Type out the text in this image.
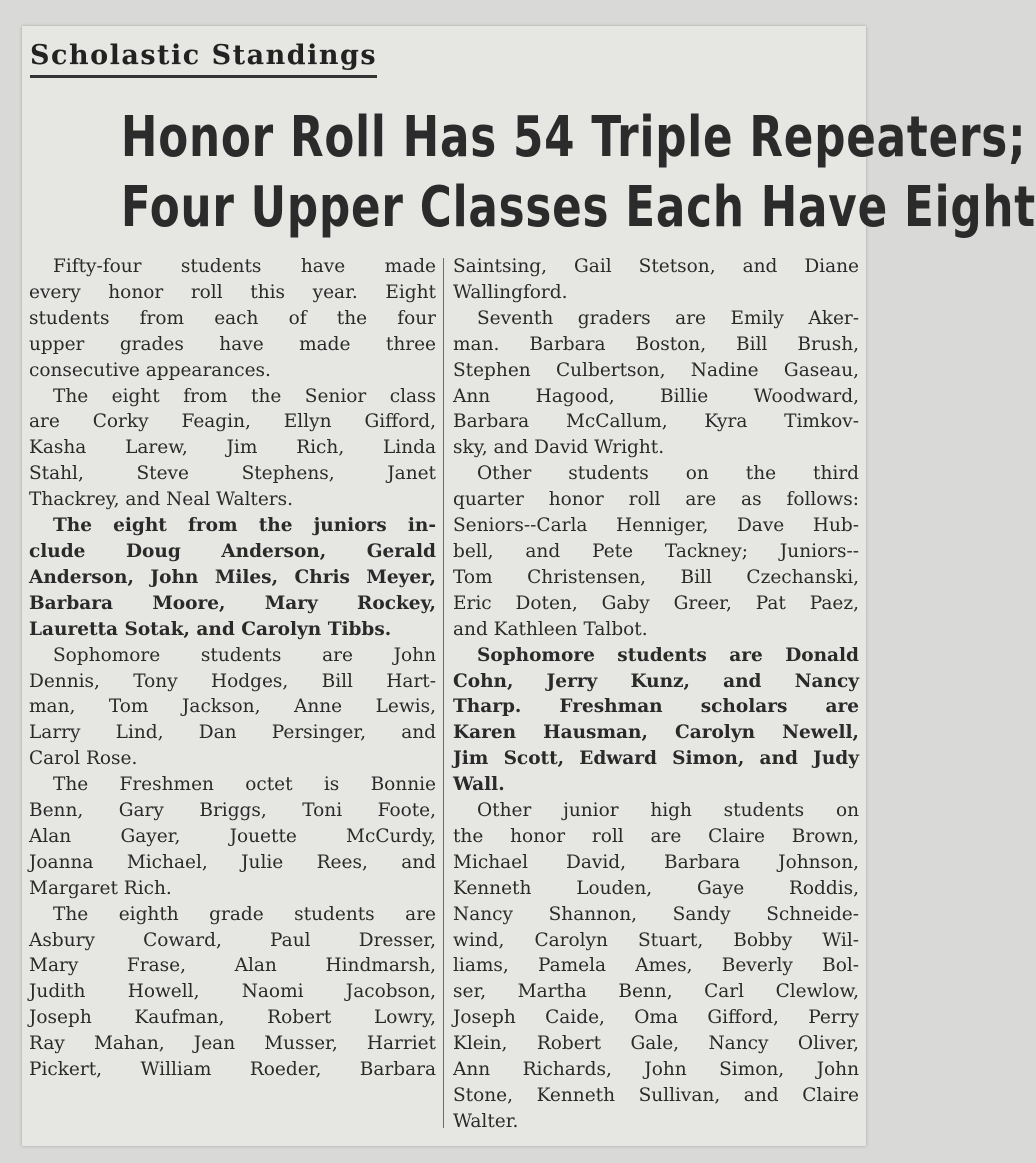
Scholastic Standings
Honor Roll Has 54 Triple Repeaters;
Four Upper Classes Each Have Eight

Fifty-four students have made
every honor roll this year. Eight
students from each of the four
upper grades have made three
consecutive appearances.

The eight from the Senior class
are Corky Feagin, Ellyn Gifford,
Kasha Larew, Jim Rich, Linda
Stahl, Steve Stephens, Janet
Thackrey, and Neal Walters.

The eight from the juniors in-
clude Doug Anderson, Gerald
Anderson, John Miles, Chris Meyer,
Barbara Moore, Mary Rockey,
Lauretta Sotak, and Carolyn Tibbs.

Sophomore students are John
Dennis, Tony Hodges, Bill Hart-
man, Tom Jackson, Anne Lewis,
Larry Lind, Dan Persinger, and
Carol Rose.

The Freshmen octet is Bonnie
Benn, Gary Briggs, Toni Foote,
Alan Gayer, Jouette McCurdy,
Joanna Michael, Julie Rees, and
Margaret Rich.

The eighth grade students are
Asbury Coward, Paul Dresser,
Mary Frase, Alan Hindmarsh,
Judith Howell, Naomi Jacobson,
Joseph Kaufman, Robert Lowry,
Ray Mahan, Jean Musser, Harriet
Pickert, William Roeder, Barbara

Saintsing, Gail Stetson, and Diane
Wallingford.

Seventh graders are Emily Aker-
man. Barbara Boston, Bill Brush,
Stephen Culbertson, Nadine Gaseau,
Ann Hagood, Billie Woodward,
Barbara McCallum, Kyra Timkov-
sky, and David Wright.

Other students on the third
quarter honor roll are as follows:
Seniors--Carla Henniger, Dave Hub-
bell, and Pete Tackney; Juniors--
Tom Christensen, Bill Czechanski,
Eric Doten, Gaby Greer, Pat Paez,
and Kathleen Talbot.

Sophomore students are Donald
Cohn, Jerry Kunz, and Nancy
Tharp. Freshman scholars are
Karen Hausman, Carolyn Newell,
Jim Scott, Edward Simon, and Judy
Wall.

Other junior high students on
the honor roll are Claire Brown,
Michael David, Barbara Johnson,
Kenneth Louden, Gaye Roddis,
Nancy Shannon, Sandy Schneide-
wind, Carolyn Stuart, Bobby Wil-
liams, Pamela Ames, Beverly Bol-
ser, Martha Benn, Carl Clewlow,
Joseph Caide, Oma Gifford, Perry
Klein, Robert Gale, Nancy Oliver,
Ann Richards, John Simon, John
Stone, Kenneth Sullivan, and Claire
Walter.
